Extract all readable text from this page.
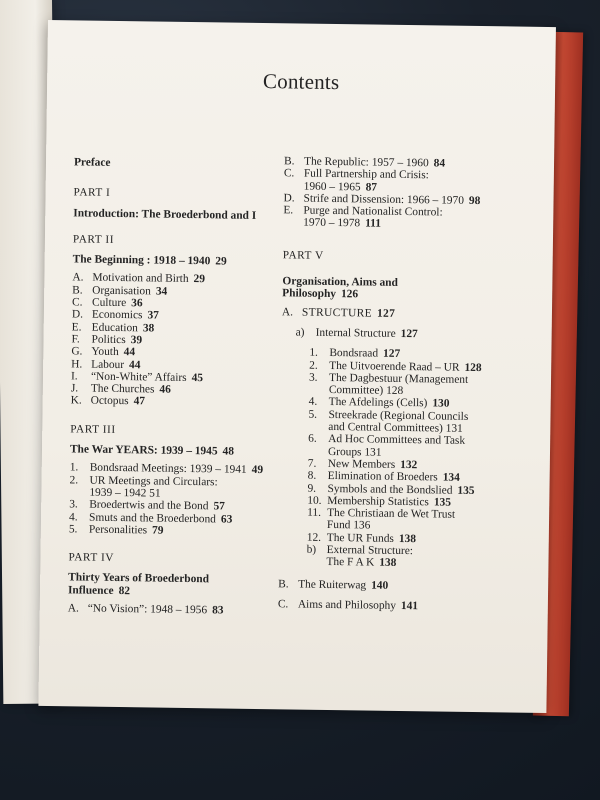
Contents
Preface
PART I
Introduction: The Broederbond and I
PART II
The Beginning : 1918 – 1940 29
A. Motivation and Birth 29
B. Organisation 34
C. Culture 36
D. Economics 37
E. Education 38
F.	Politics 39
G. Youth 44
H. Labour 44
I.	“Non-White” Affairs 45
J.	The Churches 46
K. Octopus 47
PART III
The War YEARS: 1939 – 1945 48
1. Bondsraad Meetings: 1939 – 1941 49
2. UR Meetings and Circulars:
1939 – 1942 51
3. Broedertwis and the Bond 57
4. Smuts and the Broederbond 63
5. Personalities 79
PART IV
Thirty Years of Broederbond
Influence 82
A. “No Vision”: 1948 – 1956 83
B. The Republic: 1957 – 1960 84
C. Full Partnership and Crisis:
1960 – 1965 87
D. Strife and Dissension: 1966 – 1970 98
E. Purge and Nationalist Control:
1970 – 1978 111
PART V
Organisation, Aims and
Philosophy 126
A. STRUCTURE 127
a) Internal Structure 127
1. Bondsraad 127
2. The Uitvoerende Raad – UR 128
3. The Dagbestuur (Management
Committee) 128
4. The Afdelings (Cells) 130
5. Streekrade (Regional Councils
and Central Committees) 131
6. Ad Hoc Committees and Task
Groups 131
7. New Members 132
8. Elimination of Broeders 134
9. Symbols and the Bondslied 135
10. Membership Statistics 135
11. The Christiaan de Wet Trust
Fund 136
12. The UR Funds 138
b) External Structure:
The F A K 138
B. The Ruiterwag 140
C. Aims and Philosophy 141
